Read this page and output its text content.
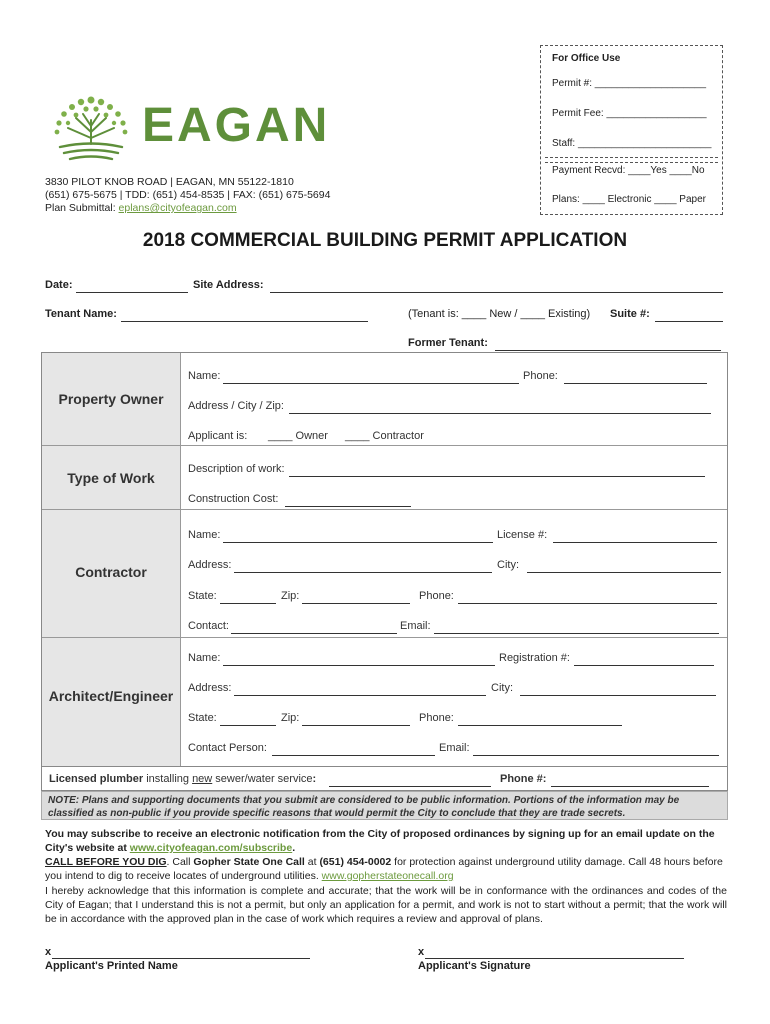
For Office Use
Permit #: ____________________
Permit Fee: __________________
Staff: ________________________
Payment Recvd: ____Yes ____No
Plans: ____ Electronic ____ Paper
EAGAN
3830 PILOT KNOB ROAD | EAGAN, MN 55122-1810
(651) 675-5675 | TDD: (651) 454-8535 | FAX: (651) 675-5694
Plan Submittal: eplans@cityofeagan.com
2018 COMMERCIAL BUILDING PERMIT APPLICATION
Date:	Site Address:
Tenant Name:	(Tenant is: ____ New / ____ Existing) Suite #:
Former Tenant:
Property Owner
Name:	Phone:
Address / City / Zip:
Applicant is: ____ Owner ____ Contractor
Type of Work
Description of work:
Construction Cost:
Contractor
Name:	License #:
Address:	City:
State:	Zip:	Phone:
Contact:	Email:
Architect/Engineer
Name:	Registration #:
Address:	City:
State:	Zip:	Phone:
Contact Person:	Email:
Licensed plumber installing new sewer/water service:	Phone #:
NOTE: Plans and supporting documents that you submit are considered to be public information. Portions of the information may be classified as non-public if you provide specific reasons that would permit the City to conclude that they are trade secrets.
You may subscribe to receive an electronic notification from the City of proposed ordinances by signing up for an email update on the City's website at www.cityofeagan.com/subscribe.
CALL BEFORE YOU DIG. Call Gopher State One Call at (651) 454-0002 for protection against underground utility damage. Call 48 hours before you intend to dig to receive locates of underground utilities. www.gopherstateonecall.org
I hereby acknowledge that this information is complete and accurate; that the work will be in conformance with the ordinances and codes of the City of Eagan; that I understand this is not a permit, but only an application for a permit, and work is not to start without a permit; that the work will be in accordance with the approved plan in the case of work which requires a review and approval of plans.
x
Applicant's Printed Name
x
Applicant's Signature
